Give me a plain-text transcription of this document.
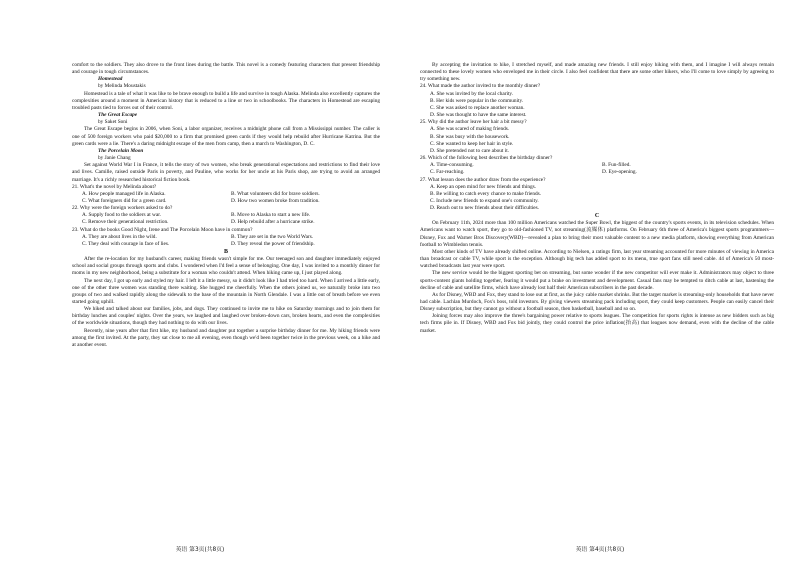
comfort to the soldiers. They also drove to the front lines during the battle. This novel is a comedy featuring characters that present friendship and courage in tough circumstances.

Homestead
by Melinda Moustakis

Homestead is a tale of what it was like to be brave enough to build a life and survive in tough Alaska. Melinda also excellently captures the complexities around a moment in American history that is reduced to a line or two in schoolbooks. The characters in Homestead are escaping troubled pasts tied to forces out of their control.

The Great Escape
by Saket Soni

The Great Escape begins in 2006, when Soni, a labor organizer, receives a midnight phone call from a Mississippi number. The caller is one of 500 foreign workers who paid $20,000 to a firm that promised green cards if they would help rebuild after Hurricane Katrina. But the green cards were a lie. There's a daring midnight escape of the men from camp, then a march to Washington, D. C.

The Porcelain Moon
by Janie Chang

Set against World War I in France, it tells the story of two women, who break generational expectations and restrictions to find their love and lives. Camille, raised outside Paris in poverty, and Pauline, who works for her uncle at his Paris shop, are trying to avoid an arranged marriage. It's a richly researched historical fiction book.

21. What's the novel by Melinda about?
A. How people managed life in Alaska.	B. What volunteers did for brave soldiers.
C. What foreigners did for a green card.	D. How two women broke from tradition.
22. Why were the foreign workers asked to do?
A. Supply food to the soldiers at war.	B. Move to Alaska to start a new life.
C. Remove their generational restriction.	D. Help rebuild after a hurricane strike.
23. What do the books Good Night, Irene and The Porcelain Moon have in common?
A. They are about lives in the wild.	B. They are set in the two World Wars.
C. They deal with courage in face of lies.	D. They reveal the power of friendship.
B

After the re-location for my husband's career, making friends wasn't simple for me. Our teenaged son and daughter immediately enjoyed school and social groups through sports and clubs. I wondered when I'd feel a sense of belonging. One day, I was invited to a monthly dinner for moms in my new neighborhood, being a substitute for a woman who couldn't attend. When hiking came up, I just played along.

The next day, I got up early and styled my hair. I left it a little messy, so it didn't look like I had tried too hard. When I arrived a little early, one of the other three women was standing there waiting. She hugged me cheerfully. When the others joined us, we naturally broke into two groups of two and walked rapidly along the sidewalk to the base of the mountain in North Glendale. I was a little out of breath before we even started going uphill.

We hiked and talked about our families, jobs, and dogs. They continued to invite me to hike on Saturday mornings and to join them for birthday lunches and couples' nights. Over the years, we laughed and laughed over broken-down cars, broken hearts, and even the complexities of the worldwide situations, though they had nothing to do with our lives.

Recently, nine years after that first hike, my husband and daughter put together a surprise birthday dinner for me. My hiking friends were among the first invited. At the party, they sat close to me all evening, even though we'd been together twice in the previous week, on a hike and at another event.

英语 第3页(共8页)

By accepting the invitation to hike, I stretched myself, and made amazing new friends. I still enjoy hiking with them, and I imagine I will always remain connected to these lovely women who enveloped me in their circle. I also feel confident that there are some other hikers, who I'll come to love simply by agreeing to try something new.

24. What made the author invited to the monthly dinner?
A. She was invited by the local charity.
B. Her kids were popular in the community.
C. She was asked to replace another woman.
D. She was thought to have the same interest.
25. Why did the author leave her hair a bit messy?
A. She was scared of making friends.
B. She was busy with the housework.
C. She wanted to keep her hair in style.
D. She pretended not to care about it.
26. Which of the following best describes the birthday dinner?
A. Time-consuming.	B. Fun-filled.
C. Far-reaching.	D. Eye-opening.
27. What lesson does the author draw from the experience?
A. Keep an open mind for new friends and things.
B. Be willing to catch every chance to make friends.
C. Include new friends to expand one's community.
D. Reach out to new friends about their difficulties.
C

On February 11th, 2024 more than 100 million Americans watched the Super Bowl, the biggest of the country's sports events, in its television schedules. When Americans want to watch sport, they go to old-fashioned TV, not streaming(流媒体) platforms. On February 6th three of America's biggest sports programmers—Disney, Fox and Warner Bros Discovery(WBD)—revealed a plan to bring their most valuable content to a new media platform, showing everything from American football to Wimbledon tennis.

Most other kinds of TV have already shifted online. According to Nielsen, a ratings firm, last year streaming accounted for more minutes of viewing in America than broadcast or cable TV, while sport is the exception. Although big tech has added sport to its menu, true sport fans still need cable. 44 of America's 50 most-watched broadcasts last year were sport.

The new service would be the biggest sporting bet on streaming, but some wonder if the new competitor will ever make it. Administrators may object to three sports-content giants holding together, fearing it would put a brake on investment and development. Casual fans may be tempted to ditch cable at last, hastening the decline of cable and satellite firms, which have already lost half their American subscribers in the past decade.

As for Disney, WBD and Fox, they stand to lose out at first, as the juicy cable market shrinks. But the target market is streaming-only households that have never had cable. Lachlan Murdoch, Fox's boss, told investors. By giving viewers streaming pack including sport, they could keep customers. People can easily cancel their Disney subscription, but they cannot go without a football season, then basketball, baseball and so on.

Joining forces may also improve the three's bargaining power relative to sports leagues. The competition for sports rights is intense as new bidders such as big tech firms pile in. If Disney, WBD and Fox bid jointly, they could control the price inflation(抬高) that leagues now demand, even with the decline of the cable market.

英语 第4页(共8页)
